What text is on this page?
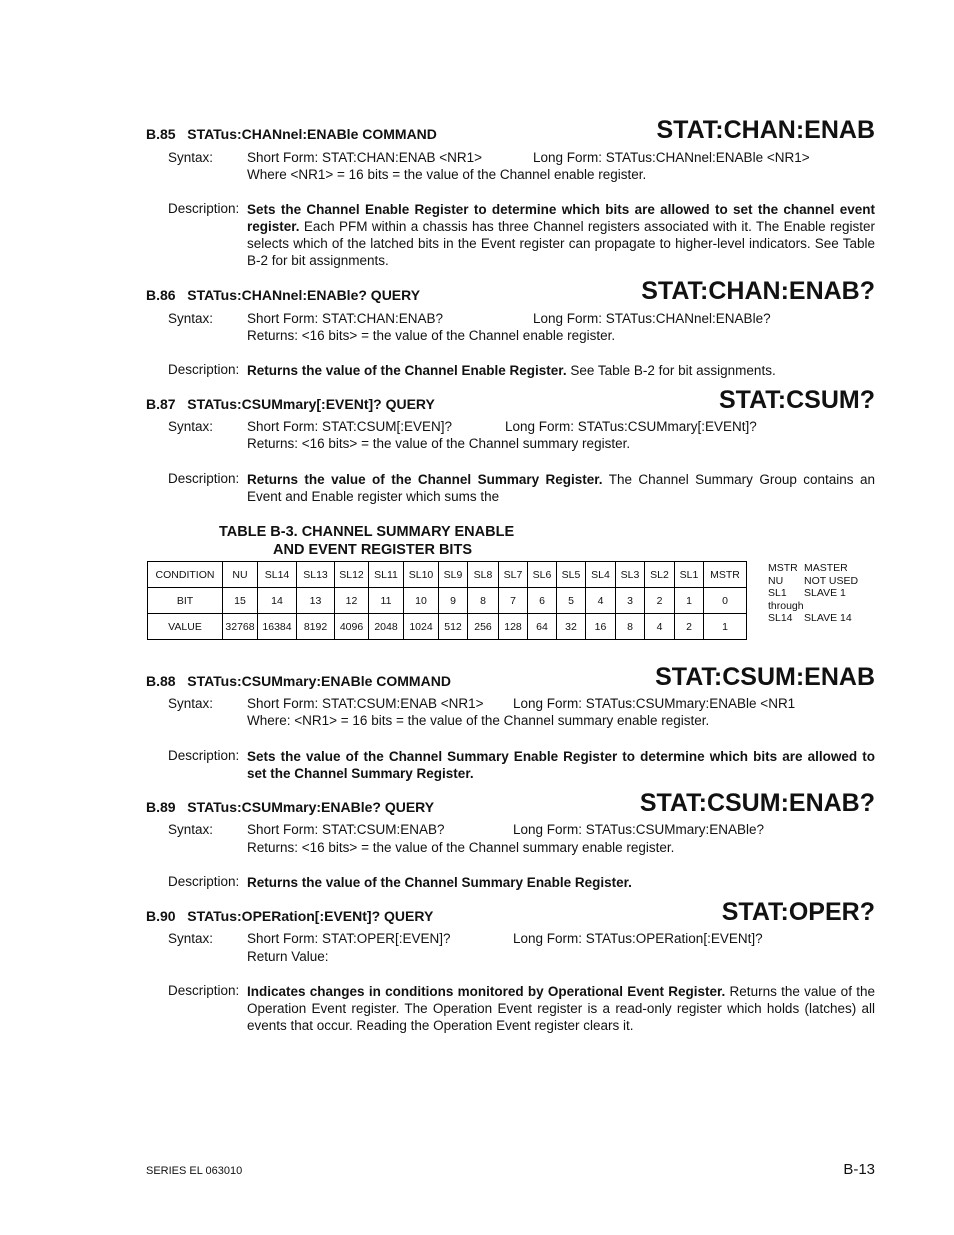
B.85 STATus:CHANnel:ENABle COMMAND	STAT:CHAN:ENAB
Syntax:	Short Form: STAT:CHAN:ENAB <NR1>	Long Form: STATus:CHANnel:ENABle <NR1>
Where <NR1> = 16 bits = the value of the Channel enable register.
Description: Sets the Channel Enable Register to determine which bits are allowed to set the channel event register. Each PFM within a chassis has three Channel registers associated with it. The Enable register selects which of the latched bits in the Event register can propagate to higher-level indicators. See Table B-2 for bit assignments.
B.86 STATus:CHANnel:ENABle? QUERY	STAT:CHAN:ENAB?
Syntax:	Short Form: STAT:CHAN:ENAB?	Long Form: STATus:CHANnel:ENABle?
Returns: <16 bits> = the value of the Channel enable register.
Description: Returns the value of the Channel Enable Register. See Table B-2 for bit assignments.
B.87 STATus:CSUMmary[:EVENt]? QUERY	STAT:CSUM?
Syntax:	Short Form: STAT:CSUM[:EVEN]?	Long Form: STATus:CSUMmary[:EVENt]?
Returns: <16 bits> = the value of the Channel summary register.
Description: Returns the value of the Channel Summary Register. The Channel Summary Group contains an Event and Enable register which sums the
TABLE B-3. CHANNEL SUMMARY ENABLE
AND EVENT REGISTER BITS
CONDITION	NU	SL14	SL13	SL12	SL11	SL10	SL9	SL8	SL7	SL6	SL5	SL4	SL3	SL2	SL1	MSTR
BIT	15	14	13	12	11	10	9	8	7	6	5	4	3	2	1	0
VALUE	32768	16384	8192	4096	2048	1024	512	256	128	64	32	16	8	4	2	1
MSTR MASTER
NU NOT USED
SL1 SLAVE 1
through
SL14 SLAVE 14
B.88 STATus:CSUMmary:ENABle COMMAND	STAT:CSUM:ENAB
Syntax:	Short Form: STAT:CSUM:ENAB <NR1> Long Form: STATus:CSUMmary:ENABle <NR1
Where: <NR1> = 16 bits = the value of the Channel summary enable register.
Description: Sets the value of the Channel Summary Enable Register to determine which bits are allowed to set the Channel Summary Register.
B.89 STATus:CSUMmary:ENABle? QUERY	STAT:CSUM:ENAB?
Syntax:	Short Form: STAT:CSUM:ENAB?	Long Form: STATus:CSUMmary:ENABle?
Returns: <16 bits> = the value of the Channel summary enable register.
Description: Returns the value of the Channel Summary Enable Register.
B.90 STATus:OPERation[:EVENt]? QUERY	STAT:OPER?
Syntax:	Short Form: STAT:OPER[:EVEN]?	Long Form: STATus:OPERation[:EVENt]?
Return Value:
Description: Indicates changes in conditions monitored by Operational Event Register. Returns the value of the Operation Event register. The Operation Event register is a read-only register which holds (latches) all events that occur. Reading the Operation Event register clears it.
SERIES EL 063010	B-13
